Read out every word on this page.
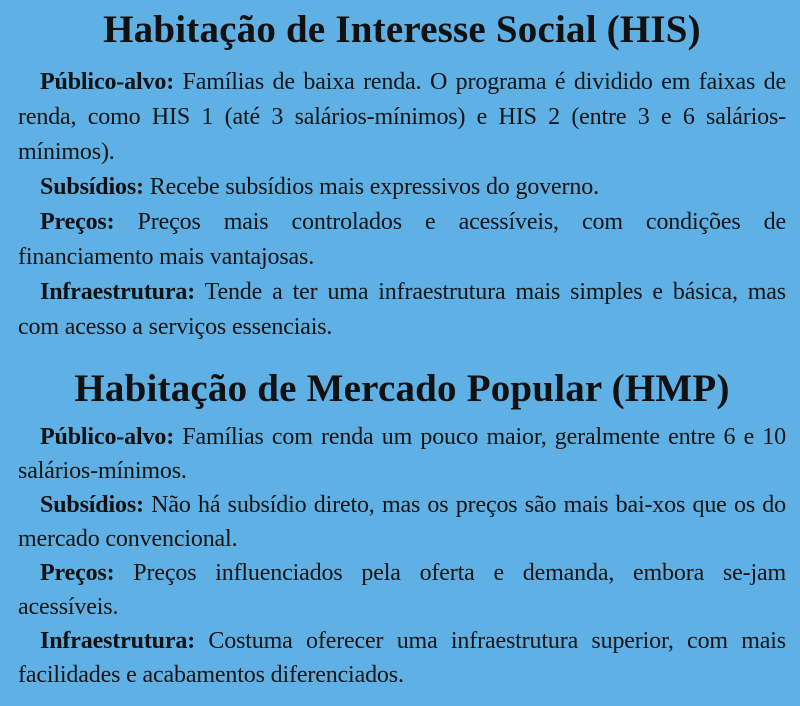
Habitação de Interesse Social (HIS)

Público-alvo: Famílias de baixa renda. O programa é dividido em faixas de renda, como HIS 1 (até 3 salários-mínimos) e HIS 2 (entre 3 e 6 salários-mínimos).

Subsídios: Recebe subsídios mais expressivos do governo.

Preços: Preços mais controlados e acessíveis, com condições de financiamento mais vantajosas.

Infraestrutura: Tende a ter uma infraestrutura mais simples e básica, mas com acesso a serviços essenciais.

Habitação de Mercado Popular (HMP)

Público-alvo: Famílias com renda um pouco maior, geralmente entre 6 e 10 salários-mínimos.

Subsídios: Não há subsídio direto, mas os preços são mais bai-xos que os do mercado convencional.

Preços: Preços influenciados pela oferta e demanda, embora se-jam acessíveis.

Infraestrutura: Costuma oferecer uma infraestrutura superior, com mais facilidades e acabamentos diferenciados.
